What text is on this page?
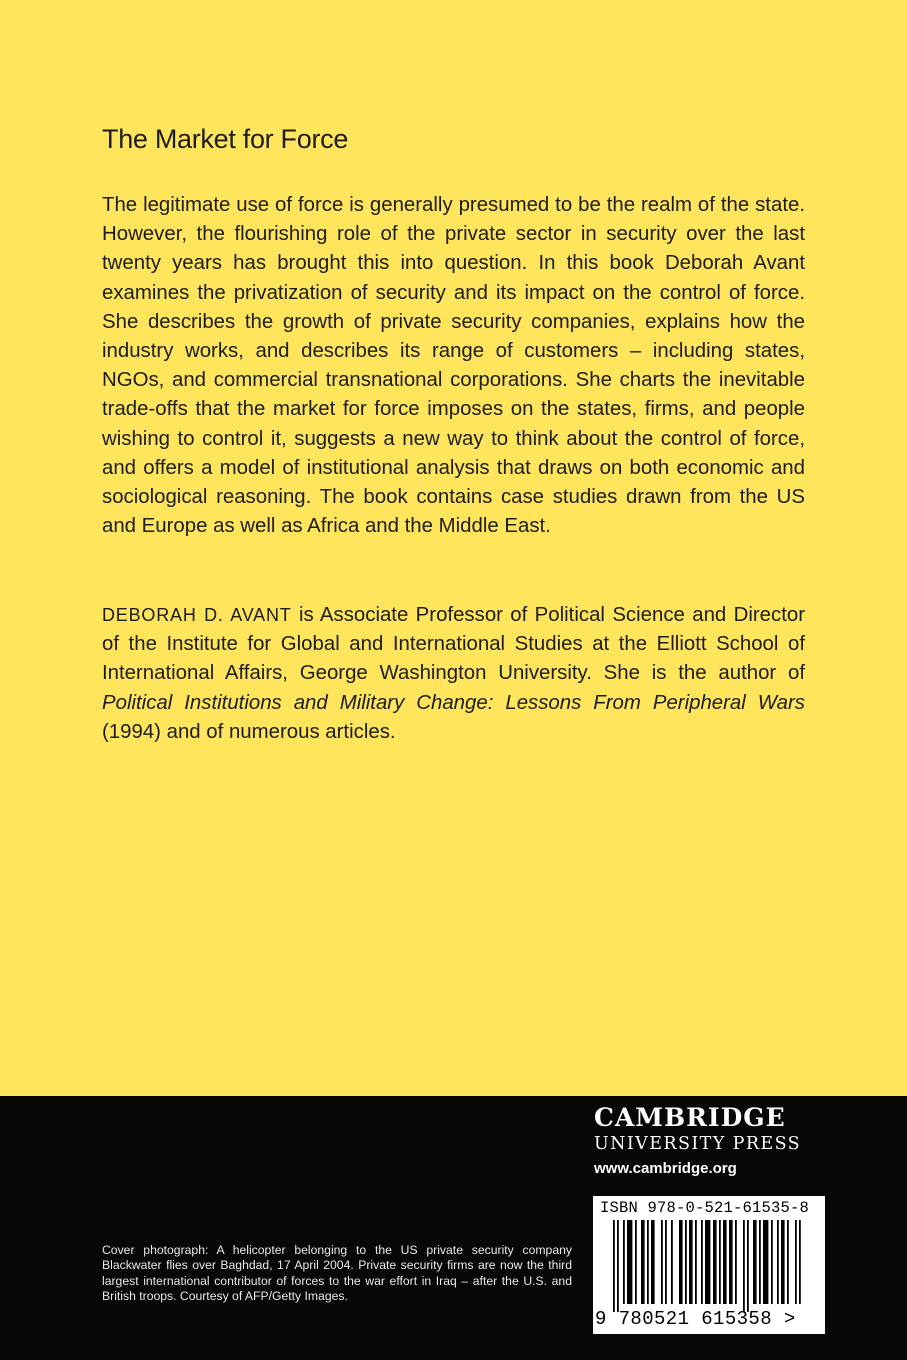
The Market for Force

The legitimate use of force is generally presumed to be the realm of the state. However, the flourishing role of the private sector in security over the last twenty years has brought this into question. In this book Deborah Avant examines the privatization of security and its impact on the control of force. She describes the growth of private security companies, explains how the industry works, and describes its range of customers – including states, NGOs, and commercial transnational corporations. She charts the inevitable trade-offs that the market for force imposes on the states, firms, and people wishing to control it, suggests a new way to think about the control of force, and offers a model of institutional analysis that draws on both economic and sociological reasoning. The book contains case studies drawn from the US and Europe as well as Africa and the Middle East.

DEBORAH D. AVANT is Associate Professor of Political Science and Director of the Institute for Global and International Studies at the Elliott School of International Affairs, George Washington University. She is the author of Political Institutions and Military Change: Lessons From Peripheral Wars (1994) and of numerous articles.

CAMBRIDGE
UNIVERSITY PRESS
www.cambridge.org
ISBN 978-0-521-61535-8
9 780521 615358 >
Cover photograph: A helicopter belonging to the US private security company Blackwater flies over Baghdad, 17 April 2004. Private security firms are now the third largest international contributor of forces to the war effort in Iraq – after the U.S. and British troops. Courtesy of AFP/Getty Images.
